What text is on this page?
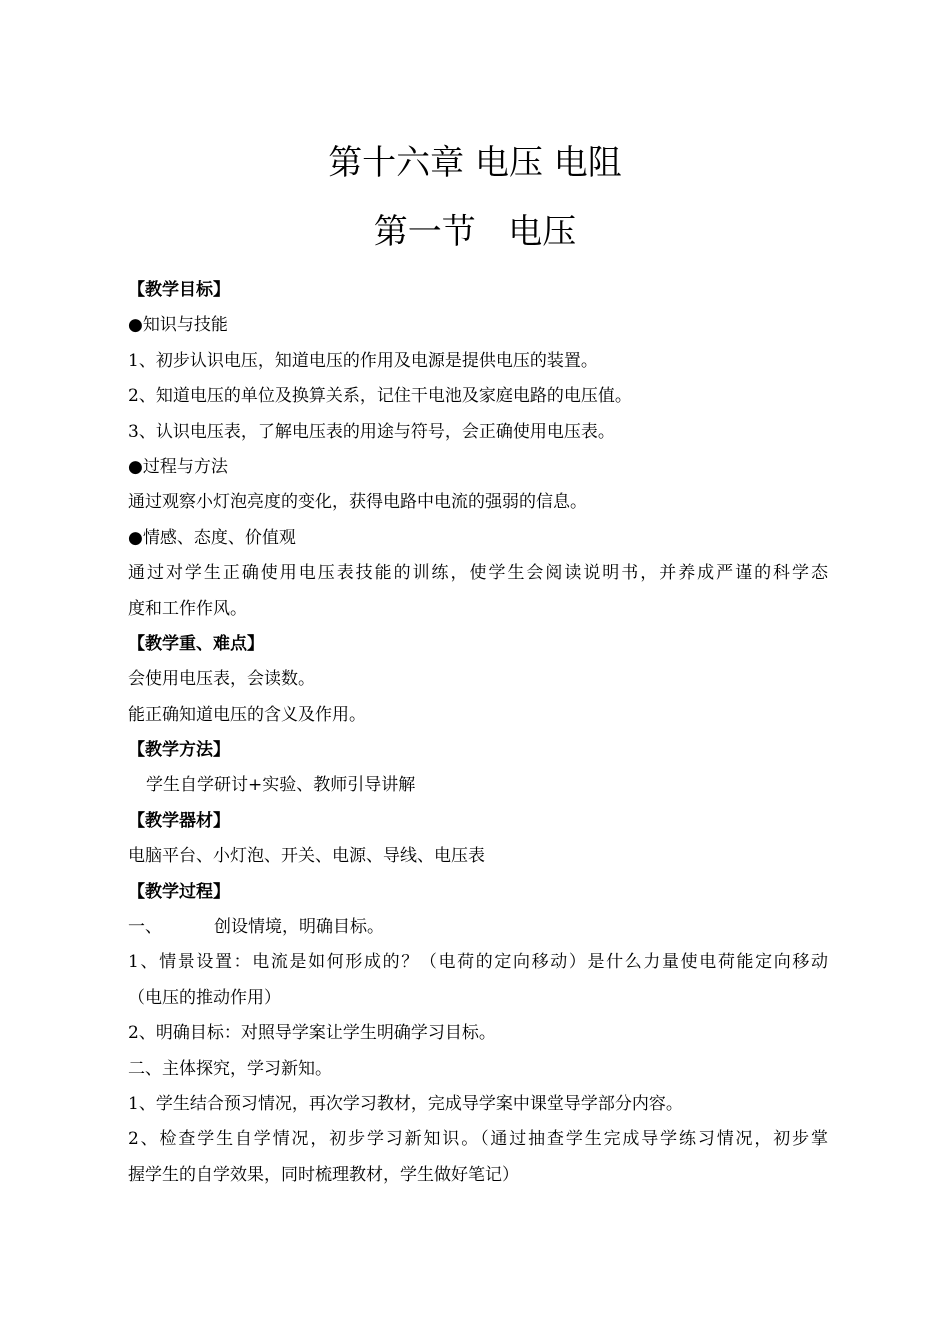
第十六章 电压 电阻
第一节   电压
【教学目标】
●知识与技能
1、初步认识电压，知道电压的作用及电源是提供电压的装置。
2、知道电压的单位及换算关系，记住干电池及家庭电路的电压值。
3、认识电压表，了解电压表的用途与符号，会正确使用电压表。
●过程与方法
通过观察小灯泡亮度的变化，获得电路中电流的强弱的信息。
●情感、态度、价值观
通过对学生正确使用电压表技能的训练，使学生会阅读说明书，并养成严谨的科学态
度和工作作风。
【教学重、难点】
会使用电压表，会读数。
能正确知道电压的含义及作用。
【教学方法】
学生自学研讨+实验、教师引导讲解
【教学器材】
电脑平台、小灯泡、开关、电源、导线、电压表
【教学过程】
一、	创设情境，明确目标。
1、情景设置：电流是如何形成的？（电荷的定向移动）是什么力量使电荷能定向移动
（电压的推动作用）
2、明确目标：对照导学案让学生明确学习目标。
二、主体探究，学习新知。
1、学生结合预习情况，再次学习教材，完成导学案中课堂导学部分内容。
2、检查学生自学情况，初步学习新知识。（通过抽查学生完成导学练习情况，初步掌
握学生的自学效果，同时梳理教材，学生做好笔记）
